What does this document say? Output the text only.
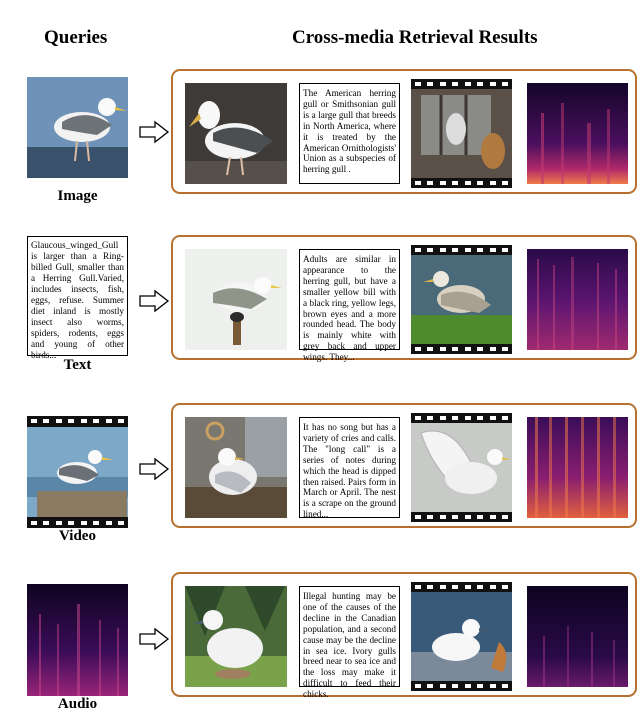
Queries	Cross-media Retrieval Results
Image
The American herring gull or Smithsonian gull is a large gull that breeds in North America, where it is treated by the American Ornithologists' Union as a subspecies of herring gull .
Glaucous_winged_Gull is larger than a Ring-billed Gull, smaller than a Herring Gull.Varied, includes insects, fish, eggs, refuse. Summer diet inland is mostly insect also worms, spiders, rodents, eggs and young of other birds...
Text
Adults are similar in appearance to the herring gull, but have a smaller yellow bill with a black ring, yellow legs, brown eyes and a more rounded head. The body is mainly white with grey back and upper wings. They...
Video
It has no song but has a variety of cries and calls. The "long call" is a series of notes during which the head is dipped then raised. Pairs form in March or April. The nest is a scrape on the ground lined...
Audio
Illegal hunting may be one of the causes of the decline in the Canadian population, and a second cause may be the decline in sea ice. Ivory gulls breed near to sea ice and the loss may make it difficult to feed their chicks.
